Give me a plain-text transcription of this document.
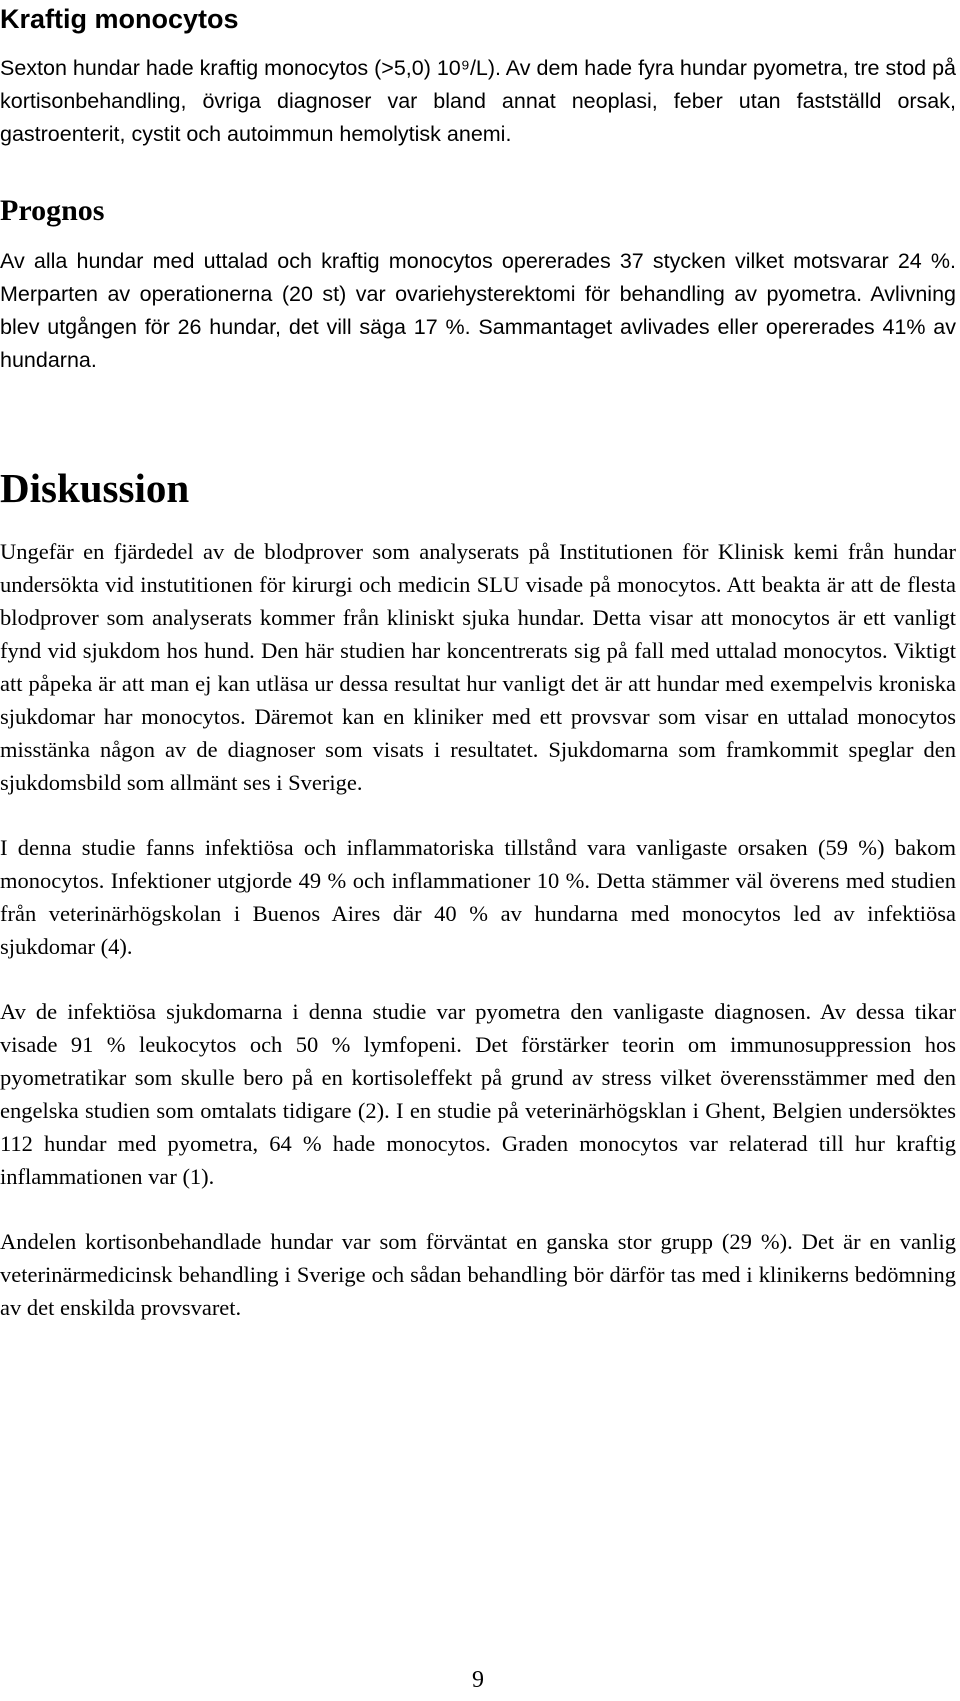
Kraftig monocytos

Sexton hundar hade kraftig monocytos (>5,0) 10⁹/L). Av dem hade fyra hundar pyometra, tre stod på kortisonbehandling, övriga diagnoser var bland annat neoplasi, feber utan fastställd orsak, gastroenterit, cystit och autoimmun hemolytisk anemi.

Prognos

Av alla hundar med uttalad och kraftig monocytos opererades 37 stycken vilket motsvarar 24 %. Merparten av operationerna (20 st) var ovariehysterektomi för behandling av pyometra. Avlivning blev utgången för 26 hundar, det vill säga 17 %. Sammantaget avlivades eller opererades 41% av hundarna.

Diskussion

Ungefär en fjärdedel av de blodprover som analyserats på Institutionen för Klinisk kemi från hundar undersökta vid instutitionen för kirurgi och medicin SLU visade på monocytos. Att beakta är att de flesta blodprover som analyserats kommer från kliniskt sjuka hundar. Detta visar att monocytos är ett vanligt fynd vid sjukdom hos hund. Den här studien har koncentrerats sig på fall med uttalad monocytos. Viktigt att påpeka är att man ej kan utläsa ur dessa resultat hur vanligt det är att hundar med exempelvis kroniska sjukdomar har monocytos. Däremot kan en kliniker med ett provsvar som visar en uttalad monocytos misstänka någon av de diagnoser som visats i resultatet. Sjukdomarna som framkommit speglar den sjukdomsbild som allmänt ses i Sverige.

I denna studie fanns infektiösa och inflammatoriska tillstånd vara vanligaste orsaken (59 %) bakom monocytos. Infektioner utgjorde 49 % och inflammationer 10 %. Detta stämmer väl överens med studien från veterinärhögskolan i Buenos Aires där 40 % av hundarna med monocytos led av infektiösa sjukdomar (4).

Av de infektiösa sjukdomarna i denna studie var pyometra den vanligaste diagnosen. Av dessa tikar visade 91 % leukocytos och 50 % lymfopeni. Det förstärker teorin om immunosuppression hos pyometratikar som skulle bero på en kortisoleffekt på grund av stress vilket överensstämmer med den engelska studien som omtalats tidigare (2). I en studie på veterinärhögsklan i Ghent, Belgien undersöktes 112 hundar med pyometra, 64 % hade monocytos. Graden monocytos var relaterad till hur kraftig inflammationen var (1).

Andelen kortisonbehandlade hundar var som förväntat en ganska stor grupp (29 %). Det är en vanlig veterinärmedicinsk behandling i Sverige och sådan behandling bör därför tas med i klinikerns bedömning av det enskilda provsvaret.

9
